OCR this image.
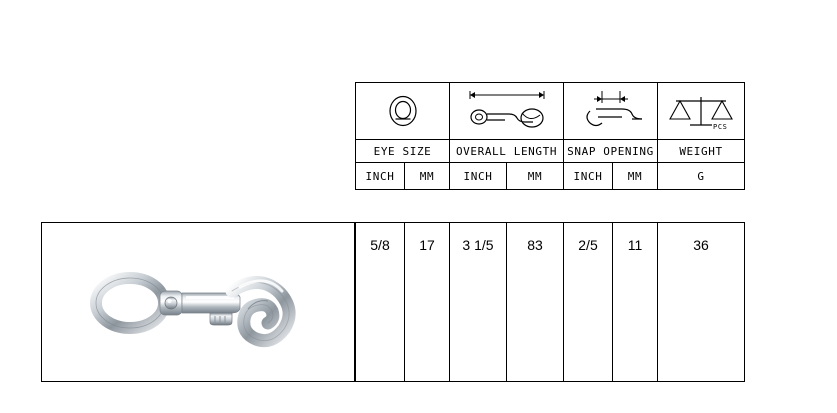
PCS

EYE SIZE		OVERALL LENGTH		SNAP OPENING		WEIGHT
INCH	MM	INCH	MM	INCH	MM	G
5/8	17	3 1/5	83	2/5	11	36
